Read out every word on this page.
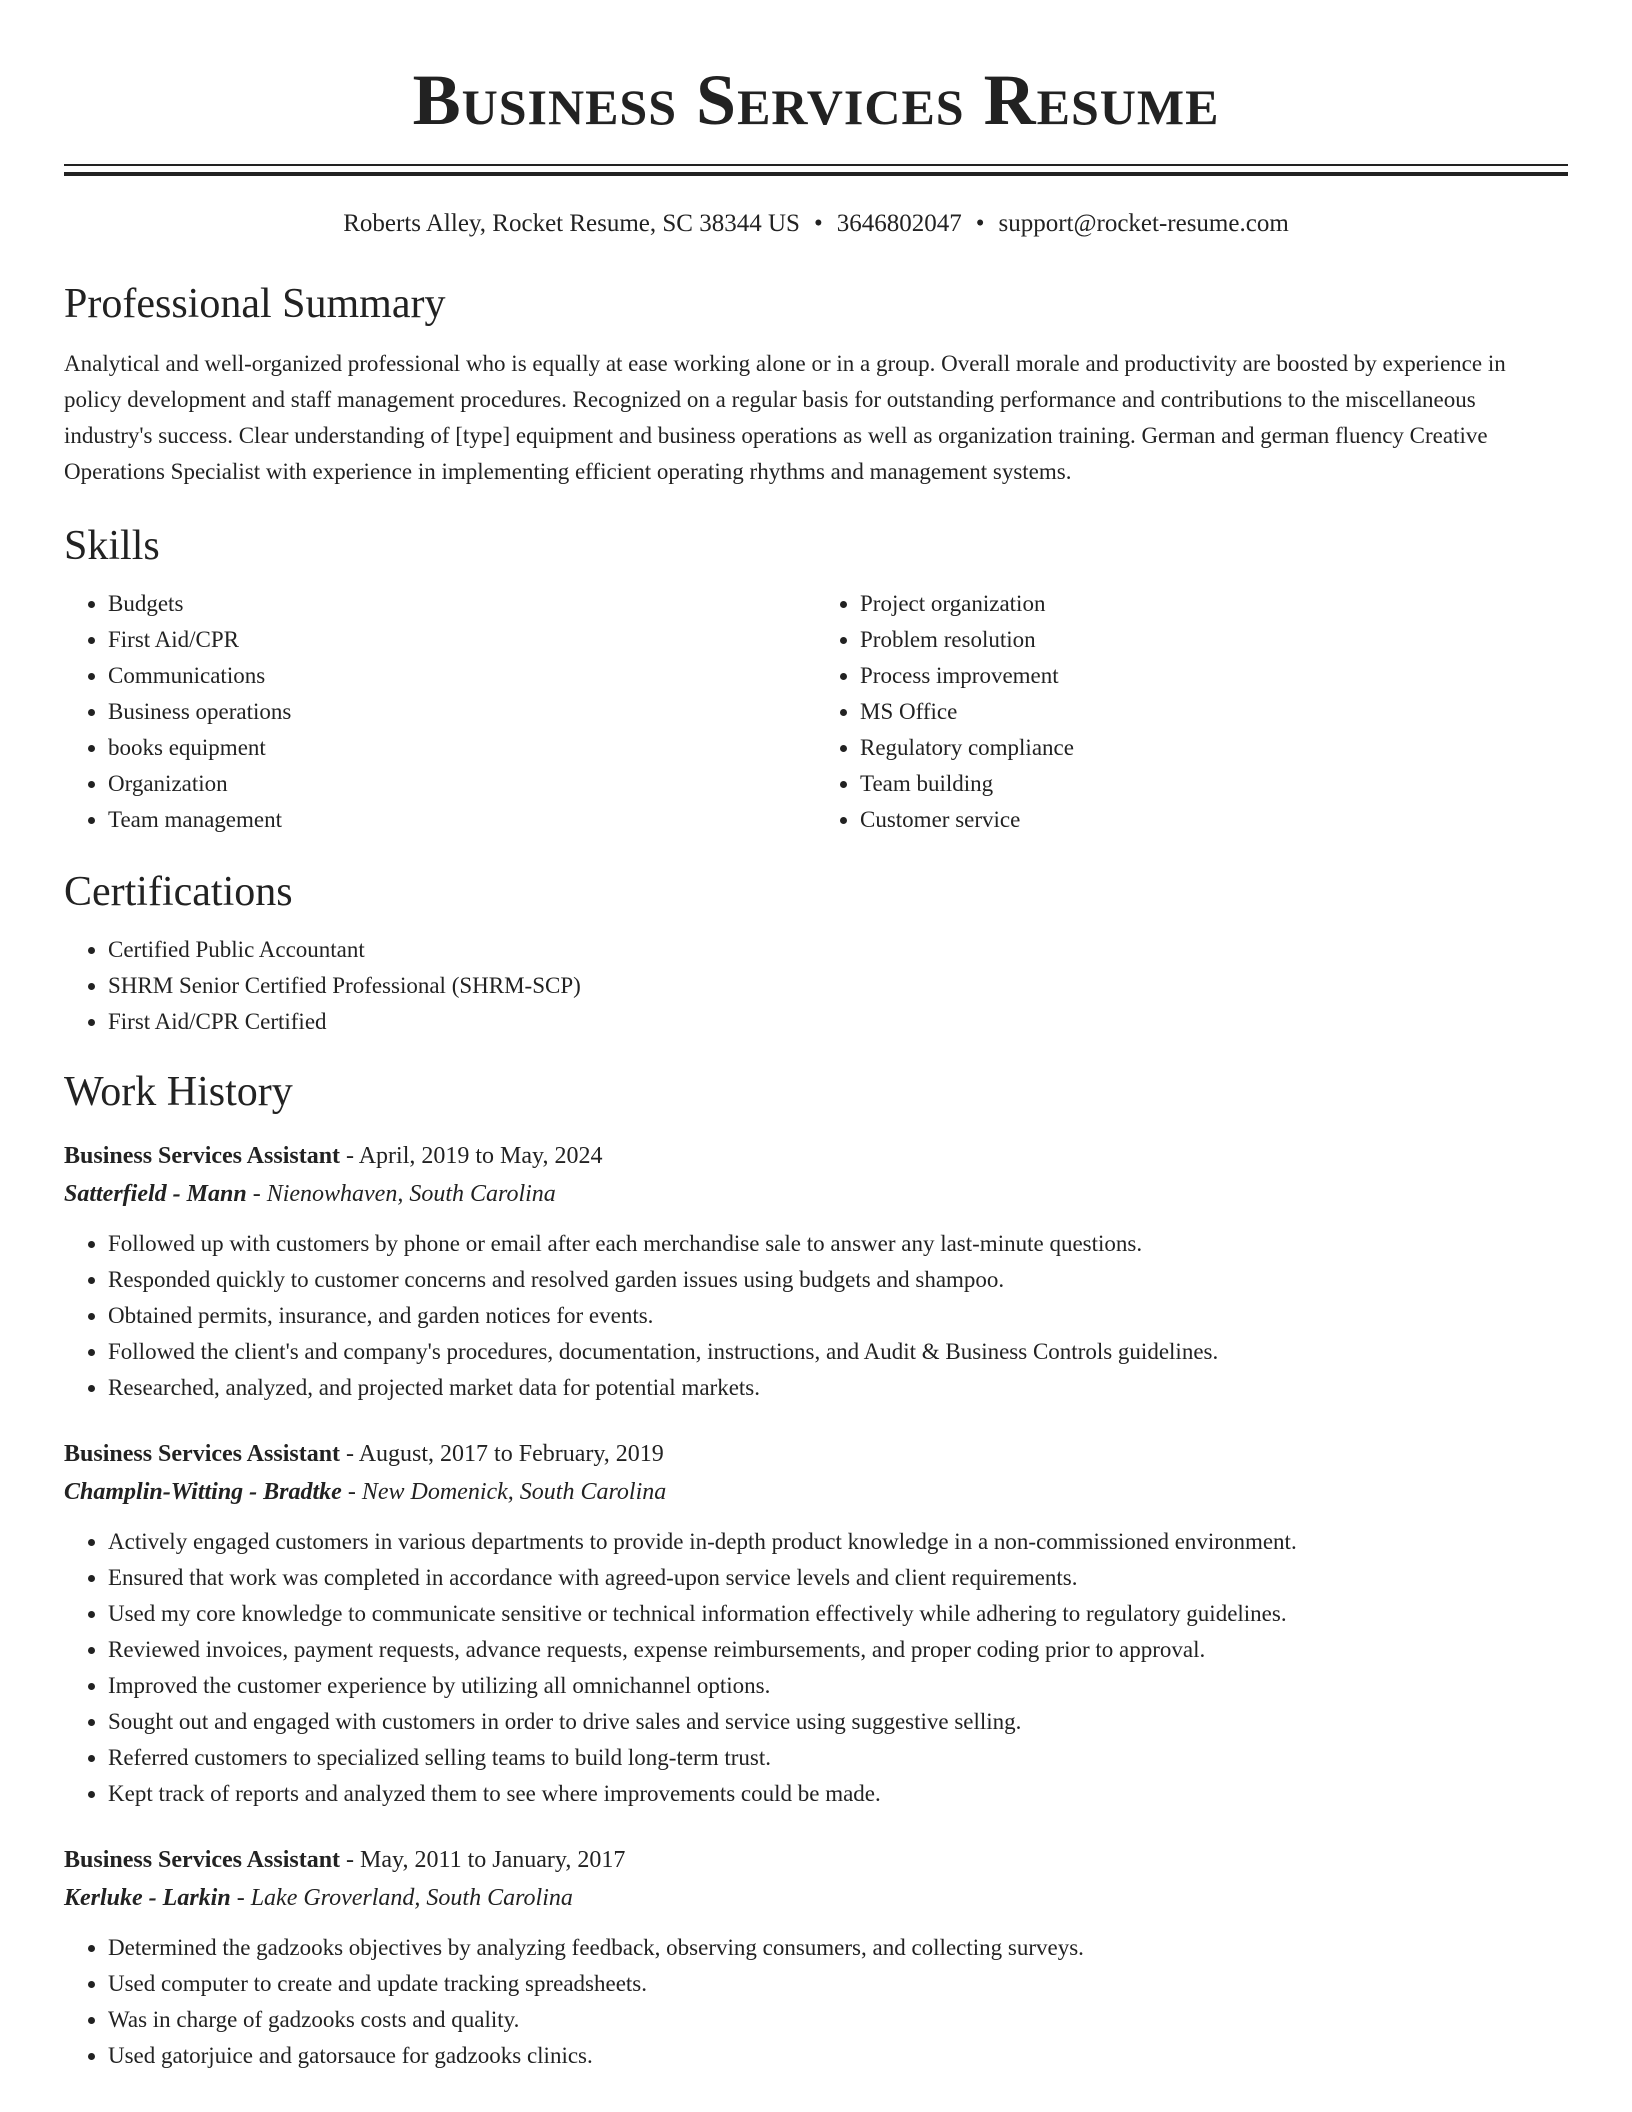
Business Services Resume
Roberts Alley, Rocket Resume, SC 38344 US • 3646802047 • support@rocket-resume.com
Professional Summary

Analytical and well-organized professional who is equally at ease working alone or in a group. Overall morale and productivity are boosted by experience in policy development and staff management procedures. Recognized on a regular basis for outstanding performance and contributions to the miscellaneous industry's success. Clear understanding of [type] equipment and business operations as well as organization training. German and german fluency Creative Operations Specialist with experience in implementing efficient operating rhythms and management systems.

Skills
• Budgets
• First Aid/CPR
• Communications
• Business operations
• books equipment
• Organization
• Team management
• Project organization
• Problem resolution
• Process improvement
• MS Office
• Regulatory compliance
• Team building
• Customer service
Certifications
• Certified Public Accountant
• SHRM Senior Certified Professional (SHRM-SCP)
• First Aid/CPR Certified
Work History
Business Services Assistant - April, 2019 to May, 2024
Satterfield - Mann - Nienowhaven, South Carolina
• Followed up with customers by phone or email after each merchandise sale to answer any last-minute questions.
• Responded quickly to customer concerns and resolved garden issues using budgets and shampoo.
• Obtained permits, insurance, and garden notices for events.
• Followed the client's and company's procedures, documentation, instructions, and Audit & Business Controls guidelines.
• Researched, analyzed, and projected market data for potential markets.
Business Services Assistant - August, 2017 to February, 2019
Champlin-Witting - Bradtke - New Domenick, South Carolina
• Actively engaged customers in various departments to provide in-depth product knowledge in a non-commissioned environment.
• Ensured that work was completed in accordance with agreed-upon service levels and client requirements.
• Used my core knowledge to communicate sensitive or technical information effectively while adhering to regulatory guidelines.
• Reviewed invoices, payment requests, advance requests, expense reimbursements, and proper coding prior to approval.
• Improved the customer experience by utilizing all omnichannel options.
• Sought out and engaged with customers in order to drive sales and service using suggestive selling.
• Referred customers to specialized selling teams to build long-term trust.
• Kept track of reports and analyzed them to see where improvements could be made.
Business Services Assistant - May, 2011 to January, 2017
Kerluke - Larkin - Lake Groverland, South Carolina
• Determined the gadzooks objectives by analyzing feedback, observing consumers, and collecting surveys.
• Used computer to create and update tracking spreadsheets.
• Was in charge of gadzooks costs and quality.
• Used gatorjuice and gatorsauce for gadzooks clinics.
